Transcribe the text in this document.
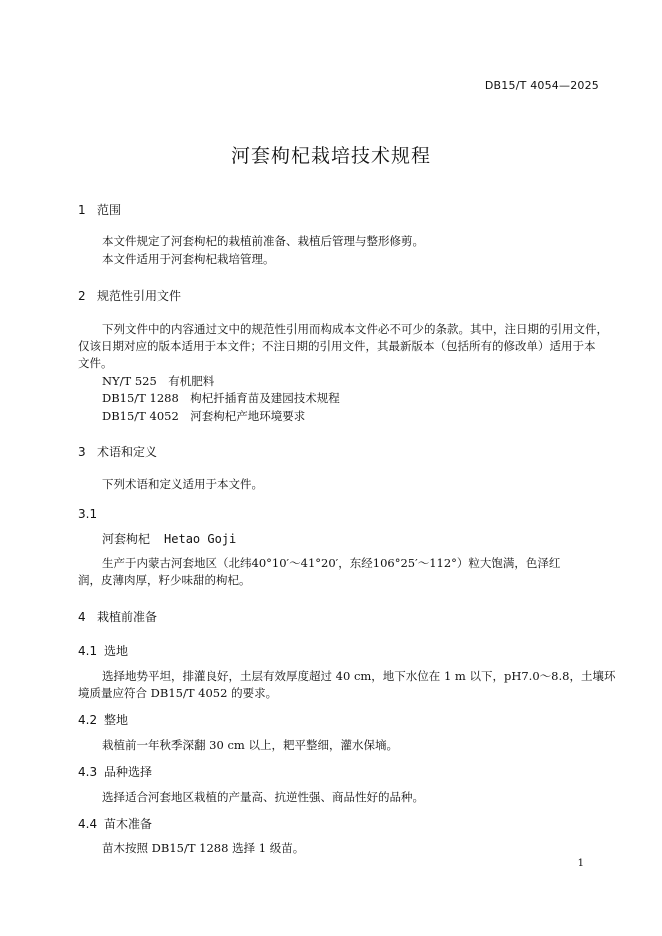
DB15/T 4054—2025
河套枸杞栽培技术规程
1 范围
本文件规定了河套枸杞的栽植前准备、栽植后管理与整形修剪。
本文件适用于河套枸杞栽培管理。
2 规范性引用文件
下列文件中的内容通过文中的规范性引用而构成本文件必不可少的条款。其中，注日期的引用文件，
仅该日期对应的版本适用于本文件；不注日期的引用文件，其最新版本（包括所有的修改单）适用于本
文件。
NY/T 525　有机肥料
DB15/T 1288　枸杞扦插育苗及建园技术规程
DB15/T 4052　河套枸杞产地环境要求
3 术语和定义
下列术语和定义适用于本文件。
3.1
河套枸杞 Hetao Goji
生产于内蒙古河套地区（北纬40°10′～41°20′，东经106°25′～112°）粒大饱满，色泽红
润，皮薄肉厚，籽少味甜的枸杞。
4 栽植前准备
4.1 选地
选择地势平坦，排灌良好，土层有效厚度超过 40 cm，地下水位在 1 m 以下，pH7.0～8.8，土壤环
境质量应符合 DB15/T 4052 的要求。
4.2 整地
栽植前一年秋季深翻 30 cm 以上，耙平整细，灌水保墒。
4.3 品种选择
选择适合河套地区栽植的产量高、抗逆性强、商品性好的品种。
4.4 苗木准备
苗木按照 DB15/T 1288 选择 1 级苗。
1
